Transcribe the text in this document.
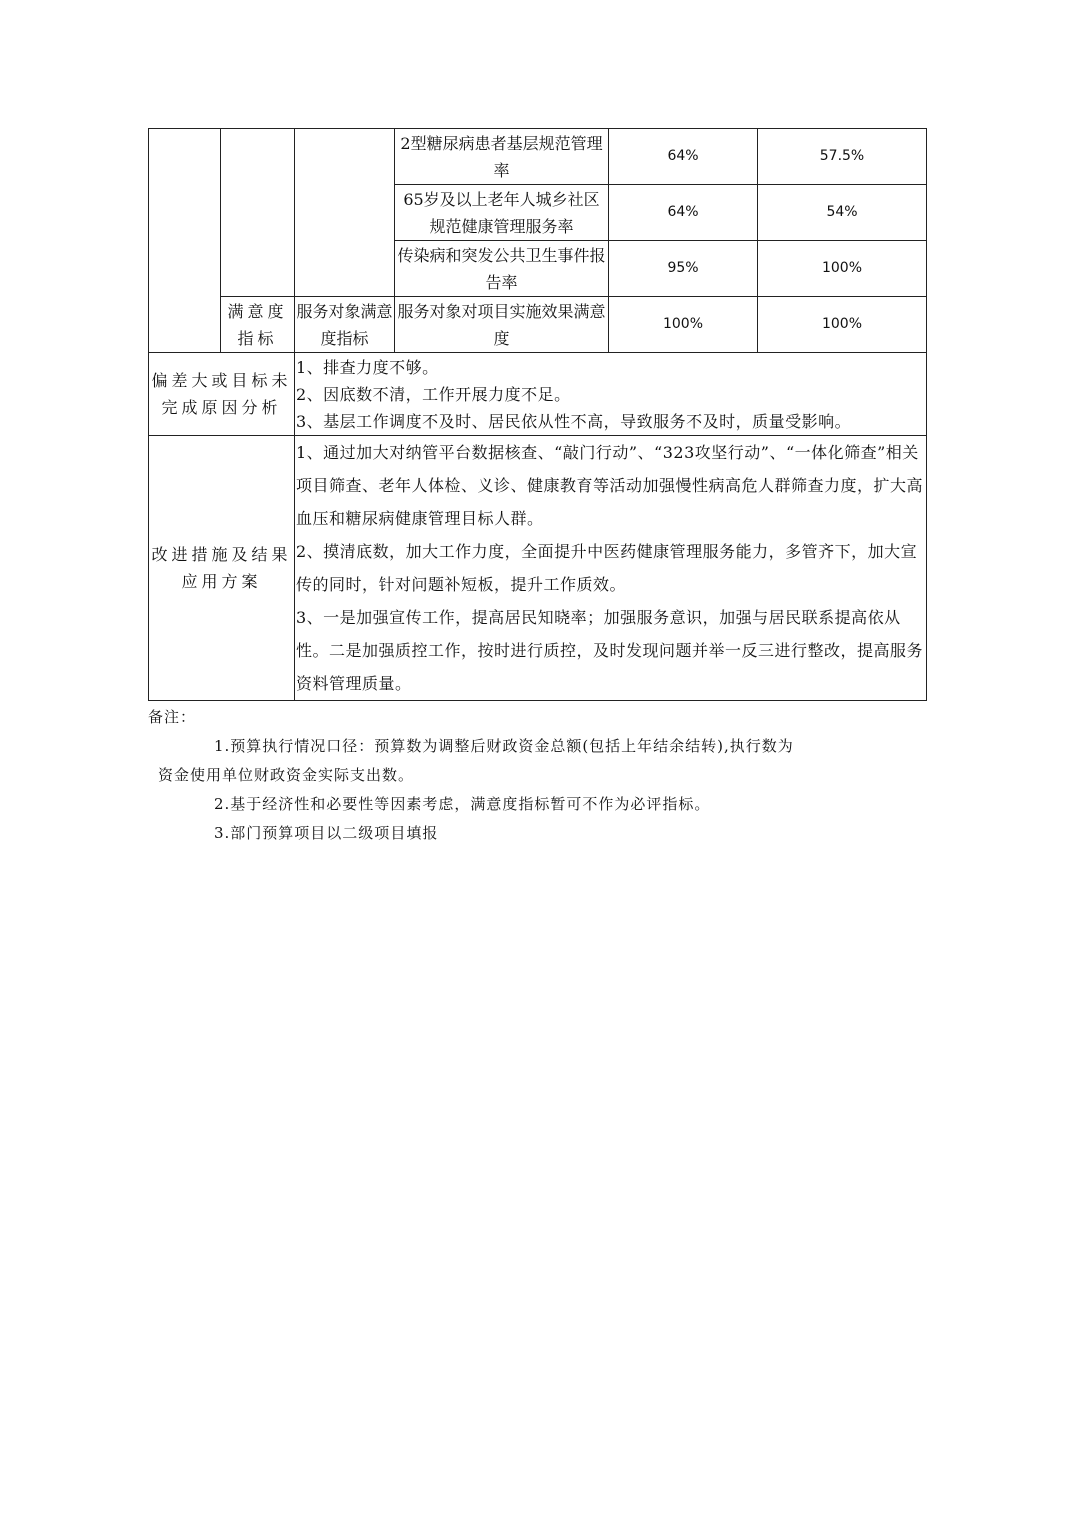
			2型糖尿病患者基层规范管理率	64%	57.5%
			65岁及以上老年人城乡社区规范健康管理服务率	64%	54%
			传染病和突发公共卫生事件报告率	95%	100%
	满意度指标	服务对象满意度指标	服务对象对项目实施效果满意度	100%	100%
偏差大或目标未完成原因分析		1、排查力度不够。

2、因底数不清，工作开展力度不足。

3、基层工作调度不及时、居民依从性不高，导致服务不及时，质量受影响。			

改进措施及结果应用方案		1、通过加大对纳管平台数据核查、“敲门行动”、“323攻坚行动”、“一体化筛查”相关项目筛查、老年人体检、义诊、健康教育等活动加强慢性病高危人群筛查力度，扩大高血压和糖尿病健康管理目标人群。

2、摸清底数，加大工作力度，全面提升中医药健康管理服务能力，多管齐下，加大宣传的同时，针对问题补短板，提升工作质效。

3、一是加强宣传工作，提高居民知晓率；加强服务意识，加强与居民联系提高依从性。二是加强质控工作，按时进行质控，及时发现问题并举一反三进行整改，提高服务资料管理质量。			

备注：

1.预算执行情况口径：预算数为调整后财政资金总额(包括上年结余结转),执行数为

资金使用单位财政资金实际支出数。

2.基于经济性和必要性等因素考虑，满意度指标暂可不作为必评指标。

3.部门预算项目以二级项目填报
